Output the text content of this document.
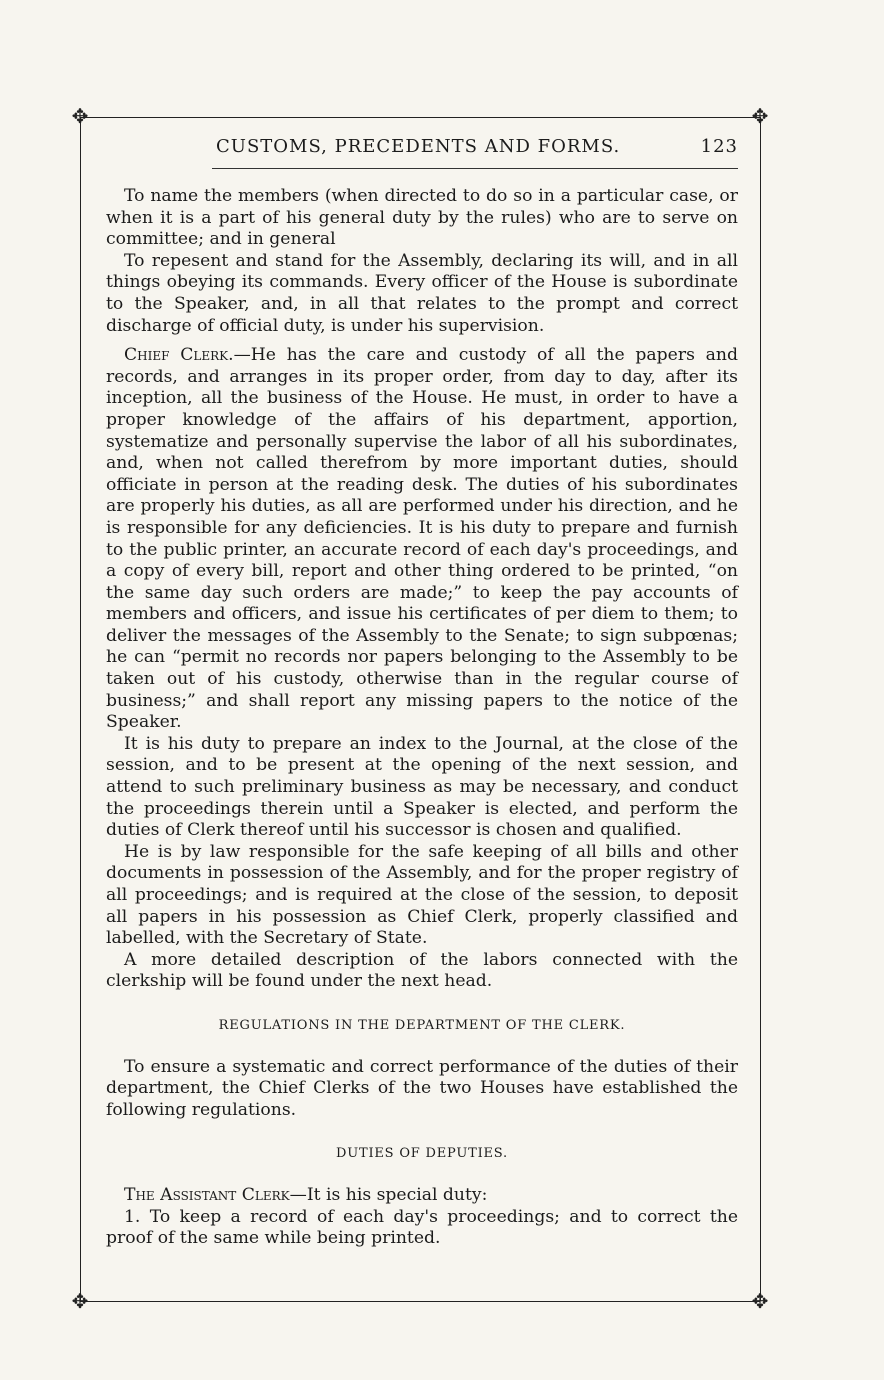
✥	✥
✥	✥
CUSTOMS, PRECEDENTS AND FORMS.	123

To name the members (when directed to do so in a particular case, or when it is a part of his general duty by the rules) who are to serve on committee; and in general

To repesent and stand for the Assembly, declaring its will, and in all things obeying its commands. Every officer of the House is subordinate to the Speaker, and, in all that relates to the prompt and correct discharge of official duty, is under his supervision.

Chief Clerk.—He has the care and custody of all the papers and records, and arranges in its proper order, from day to day, after its inception, all the business of the House. He must, in order to have a proper knowledge of the affairs of his department, apportion, systematize and personally supervise the labor of all his subordinates, and, when not called therefrom by more important duties, should officiate in person at the reading desk. The duties of his subordinates are properly his duties, as all are performed under his direction, and he is responsible for any deficiencies. It is his duty to prepare and furnish to the public printer, an accurate record of each day's proceedings, and a copy of every bill, report and other thing ordered to be printed, “on the same day such orders are made;” to keep the pay accounts of members and officers, and issue his certificates of per diem to them; to deliver the messages of the Assembly to the Senate; to sign subpœnas; he can “permit no records nor papers belonging to the Assembly to be taken out of his custody, otherwise than in the regular course of business;” and shall report any missing papers to the notice of the Speaker.

It is his duty to prepare an index to the Journal, at the close of the session, and to be present at the opening of the next session, and attend to such preliminary business as may be necessary, and conduct the proceedings therein until a Speaker is elected, and perform the duties of Clerk thereof until his successor is chosen and qualified.

He is by law responsible for the safe keeping of all bills and other documents in possession of the Assembly, and for the proper registry of all proceedings; and is required at the close of the session, to deposit all papers in his possession as Chief Clerk, properly classified and labelled, with the Secretary of State.

A more detailed description of the labors connected with the clerkship will be found under the next head.

REGULATIONS IN THE DEPARTMENT OF THE CLERK.

To ensure a systematic and correct performance of the duties of their department, the Chief Clerks of the two Houses have established the following regulations.

DUTIES OF DEPUTIES.

The Assistant Clerk—It is his special duty:

1. To keep a record of each day's proceedings; and to correct the proof of the same while being printed.
